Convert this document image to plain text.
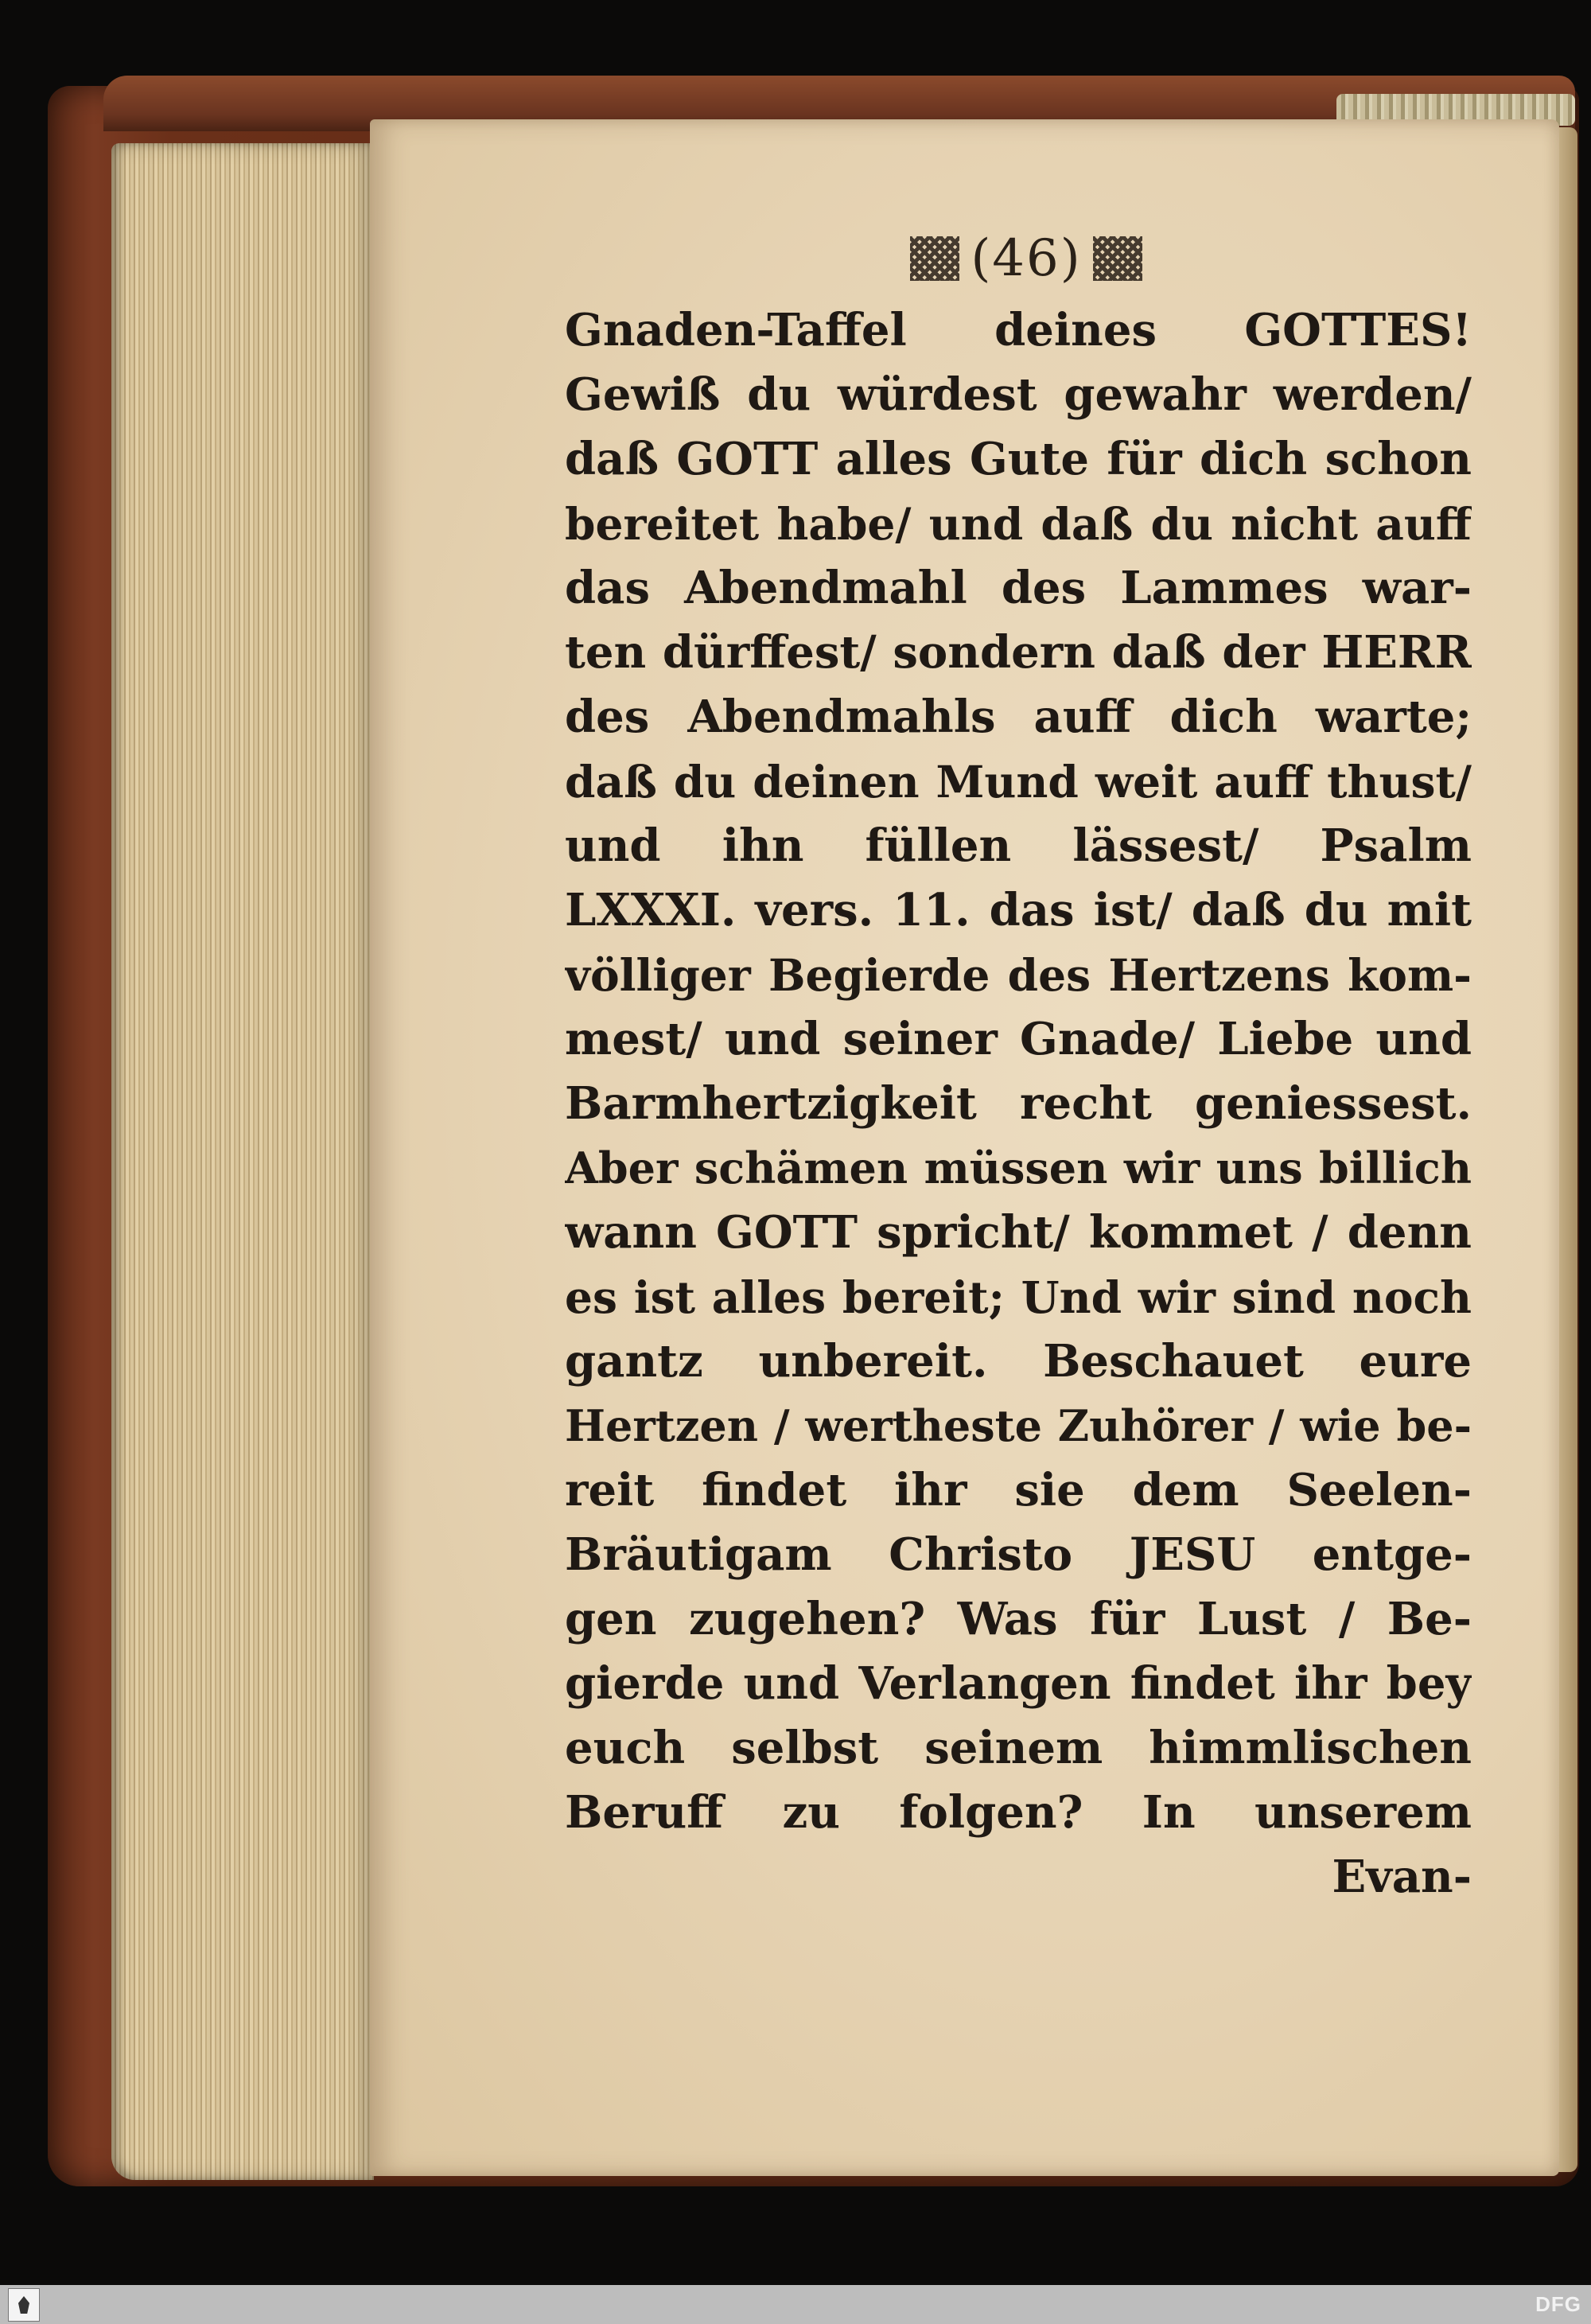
(46)
Gnaden-Taffel deines GOTTES!
Gewiß du würdest gewahr werden/
daß GOTT alles Gute für dich schon
bereitet habe/ und daß du nicht auff
das Abendmahl des Lammes war-
ten dürffest/ sondern daß der HERR
des Abendmahls auff dich warte;
daß du deinen Mund weit auff thust/
und ihn füllen lässest/ Psalm
LXXXI. vers. 11. das ist/ daß du mit
völliger Begierde des Hertzens kom-
mest/ und seiner Gnade/ Liebe und
Barmhertzigkeit recht geniessest.
Aber schämen müssen wir uns billich
wann GOTT spricht/ kommet / denn
es ist alles bereit; Und wir sind noch
gantz unbereit. Beschauet eure
Hertzen / wertheste Zuhörer / wie be-
reit findet ihr sie dem Seelen-
Bräutigam Christo JESU entge-
gen zugehen? Was für Lust / Be-
gierde und Verlangen findet ihr bey
euch selbst seinem himmlischen
Beruff zu folgen? In unserem
Evan-
DFG
